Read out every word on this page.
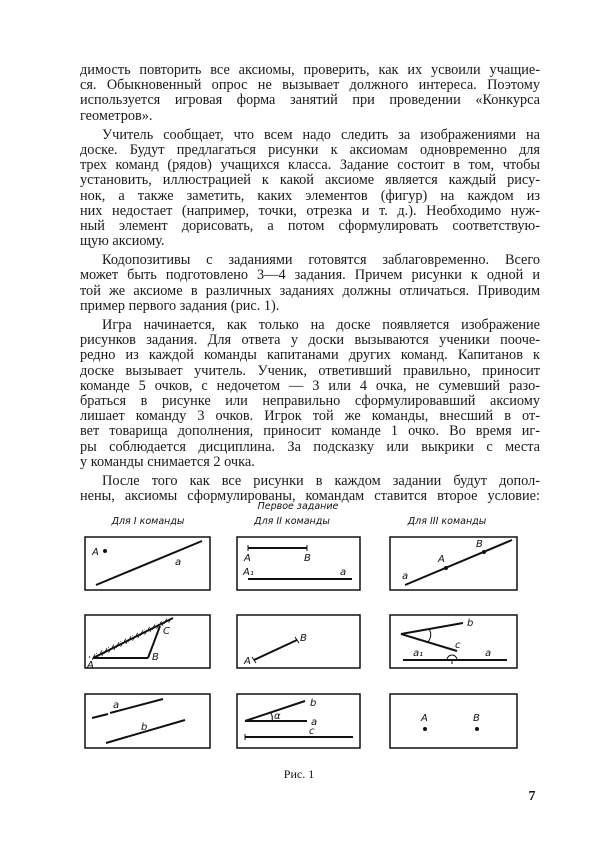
димость повторить все аксиомы, проверить, как их усвоили учащие-
ся. Обыкновенный опрос не вызывает должного интереса. Поэтому
используется игровая форма занятий при проведении «Конкурса
геометров».
Учитель сообщает, что всем надо следить за изображениями на
доске. Будут предлагаться рисунки к аксиомам одновременно для
трех команд (рядов) учащихся класса. Задание состоит в том, чтобы
установить, иллюстрацией к какой аксиоме является каждый рису-
нок, а также заметить, каких элементов (фигур) на каждом из
них недостает (например, точки, отрезка и т. д.). Необходимо нуж-
ный элемент дорисовать, а потом сформулировать соответствую-
щую аксиому.
Кодопозитивы с заданиями готовятся заблаговременно. Всего
может быть подготовлено 3—4 задания. Причем рисунки к одной и
той же аксиоме в различных заданиях должны отличаться. Приводим
пример первого задания (рис. 1).
Игра начинается, как только на доске появляется изображение
рисунков задания. Для ответа у доски вызываются ученики пооче-
редно из каждой команды капитанами других команд. Капитанов к
доске вызывает учитель. Ученик, ответивший правильно, приносит
команде 5 очков, с недочетом — 3 или 4 очка, не сумевший разо-
браться в рисунке или неправильно сформулировавший аксиому
лишает команду 3 очков. Игрок той же команды, внесший в от-
вет товарища дополнения, приносит команде 1 очко. Во время иг-
ры соблюдается дисциплина. За подсказку или выкрики с места
у команды снимается 2 очка.
После того как все рисунки в каждом задании будут допол-
нены, аксиомы сформулированы, командам ставится второе условие:
Первое задание
Для I команды	Для II команды	Для III команды
A
a	A	B
A₁	a
A
B
a
A
B
C
A
B
b
c
a₁	a
a
b
b
α
a
c
A	B
Рис. 1
7
